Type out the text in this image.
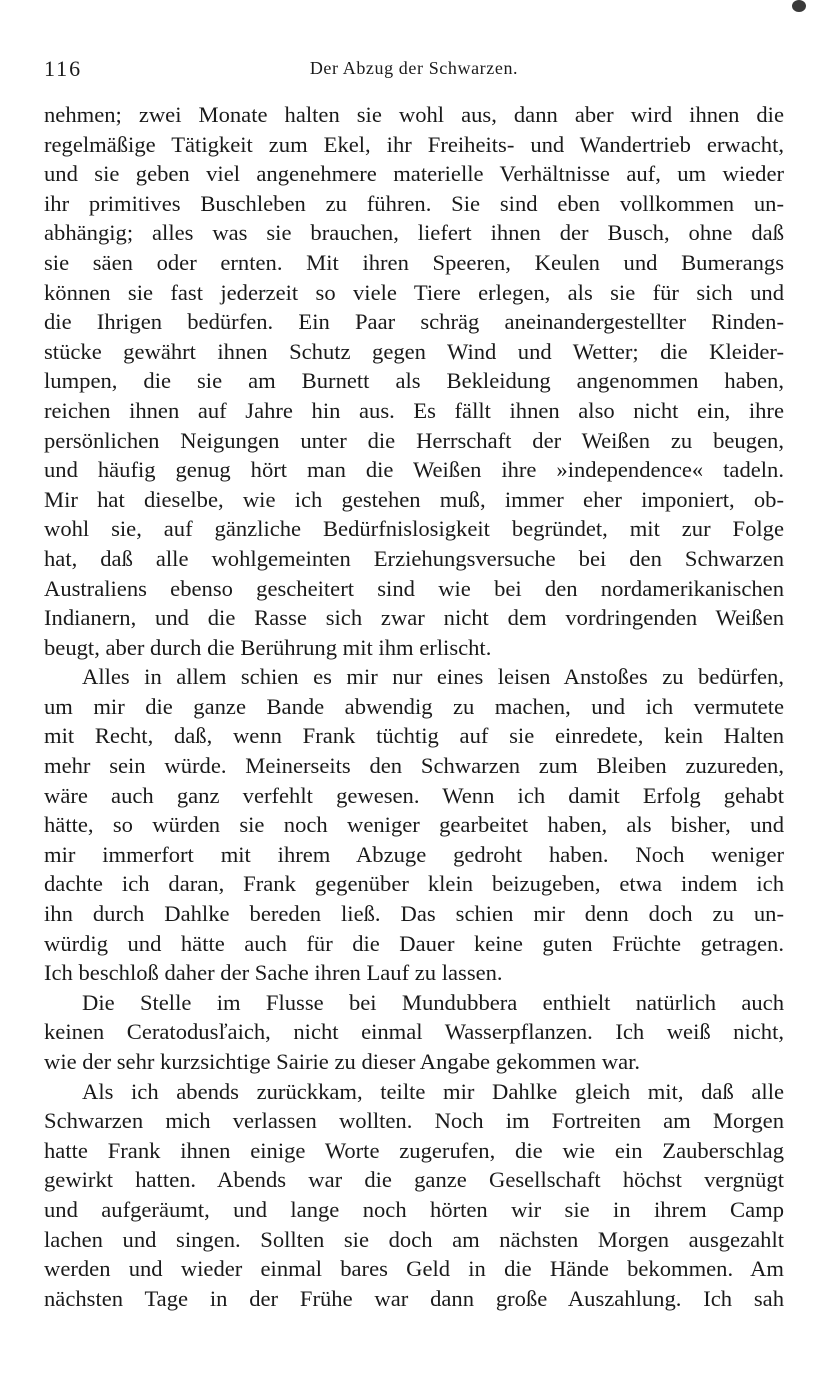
116	Der Abzug der Schwarzen.
nehmen; zwei Monate halten sie wohl aus, dann aber wird ihnen die
regelmäßige Tätigkeit zum Ekel, ihr Freiheits- und Wandertrieb erwacht,
und sie geben viel angenehmere materielle Verhältnisse auf, um wieder
ihr primitives Buschleben zu führen. Sie sind eben vollkommen un-
abhängig; alles was sie brauchen, liefert ihnen der Busch, ohne daß
sie säen oder ernten. Mit ihren Speeren, Keulen und Bumerangs
können sie fast jederzeit so viele Tiere erlegen, als sie für sich und
die Ihrigen bedürfen. Ein Paar schräg aneinandergestellter Rinden-
stücke gewährt ihnen Schutz gegen Wind und Wetter; die Kleider-
lumpen, die sie am Burnett als Bekleidung angenommen haben,
reichen ihnen auf Jahre hin aus. Es fällt ihnen also nicht ein, ihre
persönlichen Neigungen unter die Herrschaft der Weißen zu beugen,
und häufig genug hört man die Weißen ihre »independence« tadeln.
Mir hat dieselbe, wie ich gestehen muß, immer eher imponiert, ob-
wohl sie, auf gänzliche Bedürfnislosigkeit begründet, mit zur Folge
hat, daß alle wohlgemeinten Erziehungsversuche bei den Schwarzen
Australiens ebenso gescheitert sind wie bei den nordamerikanischen
Indianern, und die Rasse sich zwar nicht dem vordringenden Weißen
beugt, aber durch die Berührung mit ihm erlischt.
Alles in allem schien es mir nur eines leisen Anstoßes zu bedürfen,
um mir die ganze Bande abwendig zu machen, und ich vermutete
mit Recht, daß, wenn Frank tüchtig auf sie einredete, kein Halten
mehr sein würde. Meinerseits den Schwarzen zum Bleiben zuzureden,
wäre auch ganz verfehlt gewesen. Wenn ich damit Erfolg gehabt
hätte, so würden sie noch weniger gearbeitet haben, als bisher, und
mir immerfort mit ihrem Abzuge gedroht haben. Noch weniger
dachte ich daran, Frank gegenüber klein beizugeben, etwa indem ich
ihn durch Dahlke bereden ließ. Das schien mir denn doch zu un-
würdig und hätte auch für die Dauer keine guten Früchte getragen.
Ich beschloß daher der Sache ihren Lauf zu lassen.
Die Stelle im Flusse bei Mundubbera enthielt natürlich auch
keinen Ceratodusľaich, nicht einmal Wasserpflanzen. Ich weiß nicht,
wie der sehr kurzsichtige Sairie zu dieser Angabe gekommen war.
Als ich abends zurückkam, teilte mir Dahlke gleich mit, daß alle
Schwarzen mich verlassen wollten. Noch im Fortreiten am Morgen
hatte Frank ihnen einige Worte zugerufen, die wie ein Zauberschlag
gewirkt hatten. Abends war die ganze Gesellschaft höchst vergnügt
und aufgeräumt, und lange noch hörten wir sie in ihrem Camp
lachen und singen. Sollten sie doch am nächsten Morgen ausgezahlt
werden und wieder einmal bares Geld in die Hände bekommen. Am
nächsten Tage in der Frühe war dann große Auszahlung. Ich sah
